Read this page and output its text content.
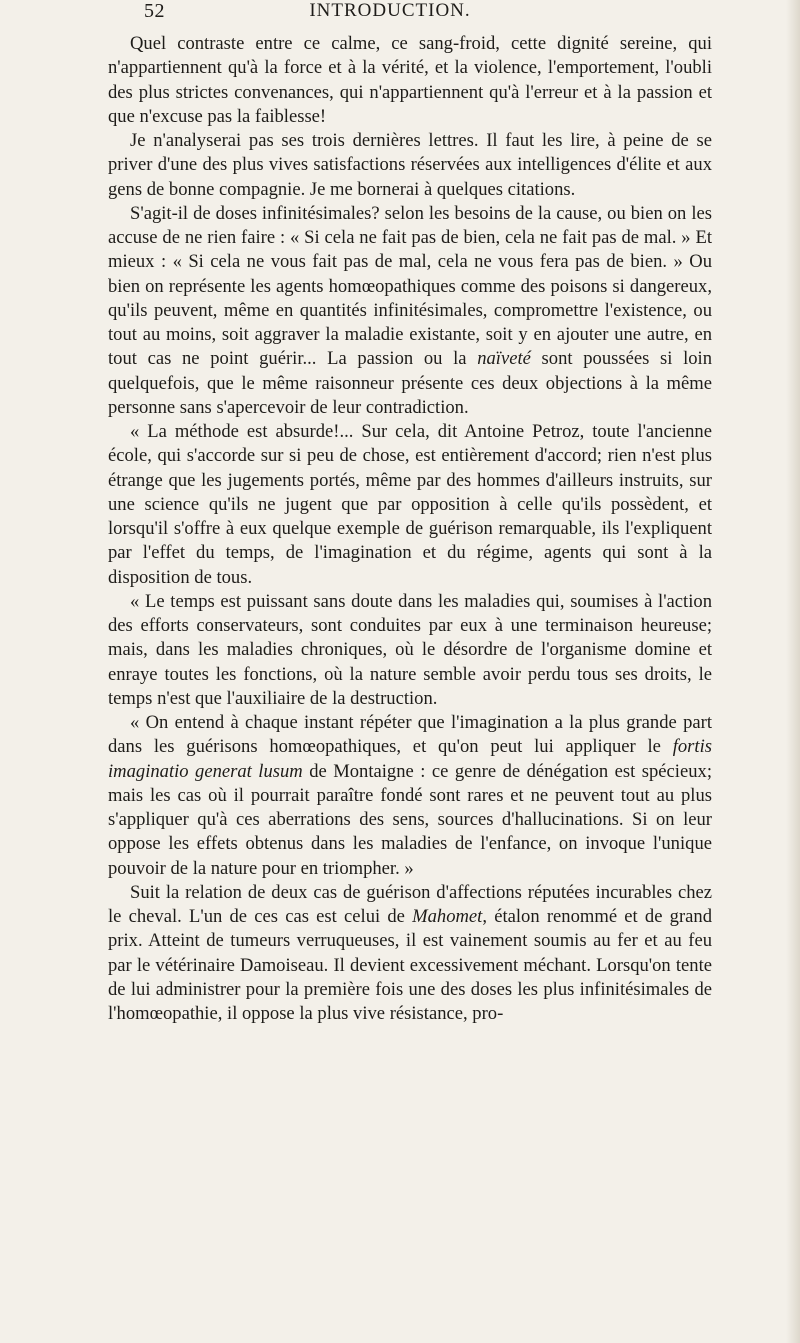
52	INTRODUCTION.

Quel contraste entre ce calme, ce sang-froid, cette dignité sereine, qui n'appartiennent qu'à la force et à la vérité, et la violence, l'emportement, l'oubli des plus strictes convenances, qui n'appartiennent qu'à l'erreur et à la passion et que n'excuse pas la faiblesse!

Je n'analyserai pas ses trois dernières lettres. Il faut les lire, à peine de se priver d'une des plus vives satisfactions réservées aux intelligences d'élite et aux gens de bonne compagnie. Je me bornerai à quelques citations.

S'agit-il de doses infinitésimales? selon les besoins de la cause, ou bien on les accuse de ne rien faire : « Si cela ne fait pas de bien, cela ne fait pas de mal. » Et mieux : « Si cela ne vous fait pas de mal, cela ne vous fera pas de bien. » Ou bien on représente les agents homœopathiques comme des poisons si dangereux, qu'ils peuvent, même en quantités infinitésimales, compromettre l'existence, ou tout au moins, soit aggraver la maladie existante, soit y en ajouter une autre, en tout cas ne point guérir... La passion ou la naïveté sont poussées si loin quelquefois, que le même raisonneur présente ces deux objections à la même personne sans s'apercevoir de leur contradiction.

« La méthode est absurde!... Sur cela, dit Antoine Petroz, toute l'ancienne école, qui s'accorde sur si peu de chose, est entièrement d'accord; rien n'est plus étrange que les jugements portés, même par des hommes d'ailleurs instruits, sur une science qu'ils ne jugent que par opposition à celle qu'ils possèdent, et lorsqu'il s'offre à eux quelque exemple de guérison remarquable, ils l'expliquent par l'effet du temps, de l'imagination et du régime, agents qui sont à la disposition de tous.

« Le temps est puissant sans doute dans les maladies qui, soumises à l'action des efforts conservateurs, sont conduites par eux à une terminaison heureuse; mais, dans les maladies chroniques, où le désordre de l'organisme domine et enraye toutes les fonctions, où la nature semble avoir perdu tous ses droits, le temps n'est que l'auxiliaire de la destruction.

« On entend à chaque instant répéter que l'imagination a la plus grande part dans les guérisons homœopathiques, et qu'on peut lui appliquer le fortis imaginatio generat lusum de Montaigne : ce genre de dénégation est spécieux; mais les cas où il pourrait paraître fondé sont rares et ne peuvent tout au plus s'appliquer qu'à ces aberrations des sens, sources d'hallucinations. Si on leur oppose les effets obtenus dans les maladies de l'enfance, on invoque l'unique pouvoir de la nature pour en triompher. »

Suit la relation de deux cas de guérison d'affections réputées incurables chez le cheval. L'un de ces cas est celui de Mahomet, étalon renommé et de grand prix. Atteint de tumeurs verruqueuses, il est vainement soumis au fer et au feu par le vétérinaire Damoiseau. Il devient excessivement méchant. Lorsqu'on tente de lui administrer pour la première fois une des doses les plus infinitésimales de l'homœopathie, il oppose la plus vive résistance, pro-
